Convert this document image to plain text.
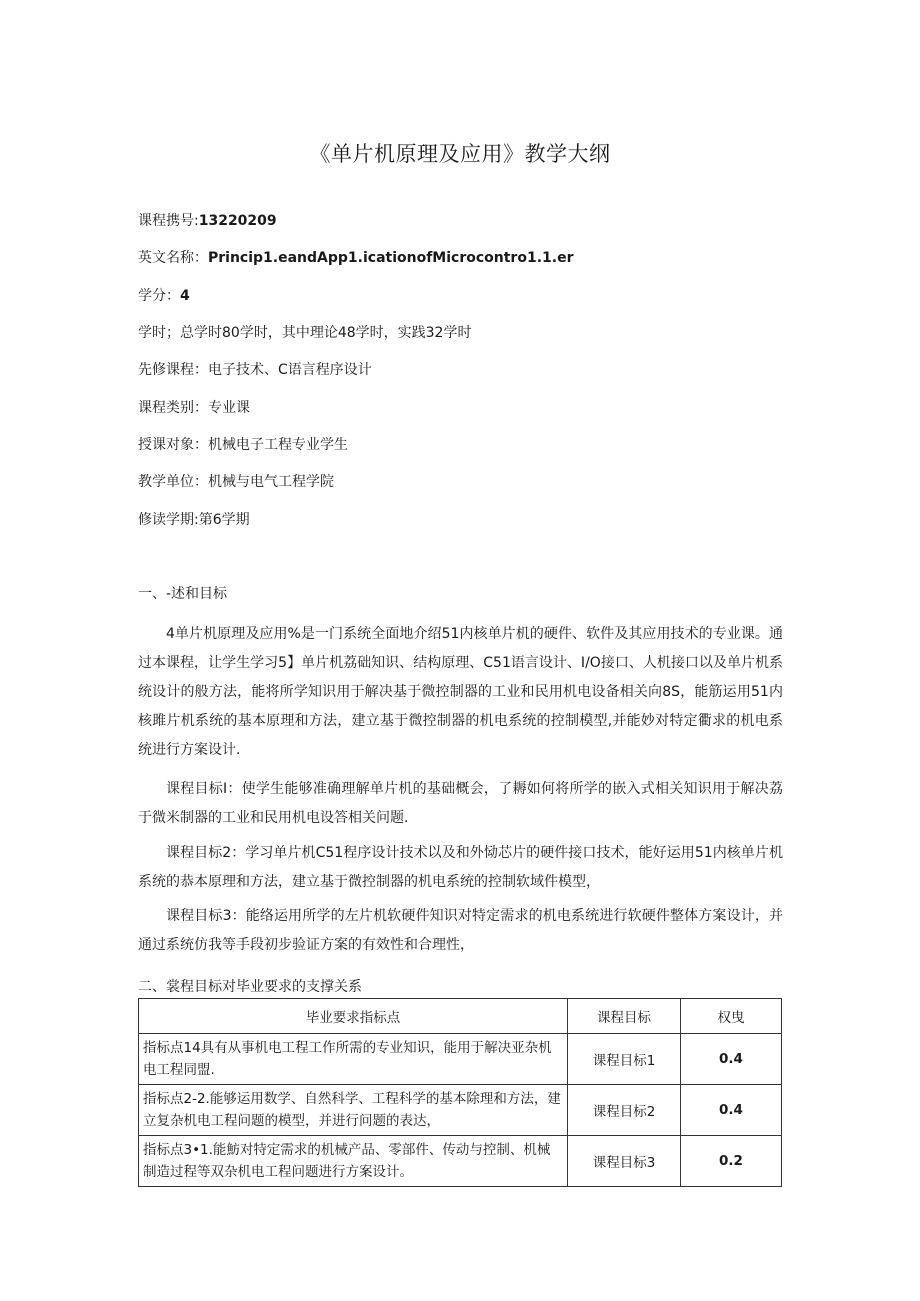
《单片机原理及应用》教学大纲
课程携号:13220209
英文名称：Princip1.eandApp1.icationofMicrocontro1.1.er
学分：4
学时；总学时80学时，其中理论48学时，实践32学时
先修课程：电子技术、C语言程序设计
课程类别：专业课
授课对象：机械电子工程专业学生
教学单位：机械与电气工程学院
修读学期:第6学期
一、-述和目标

4单片机原理及应用%是一门系统全面地介绍51内核单片机的硬件、软件及其应用技术的专业课。通过本课程，让学生学习5】单片机荔础知识、结构原理、C51语言设计、I/O接口、人机接口以及单片机系统设计的般方法，能将所学知识用于解决基于微控制器的工业和民用机电设备相关向8S，能筋运用51内核雎片机系统的基本原理和方法，建立基于微控制器的机电系统的控制模型,并能妙对特定衢求的机电系统进行方案设计.

课程目标I：使学生能够准确理解单片机的基础概会，了耨如何将所学的嵌入式相关知识用于解决荔于微米制器的工业和民用机电设答相关问题.

课程目标2：学习单片机C51程序设计技术以及和外恸芯片的硬件接口技术，能好运用51内核单片机系统的恭本原理和方法，建立基于微控制器的机电系统的控制软域件模型，

课程目标3：能络运用所学的左片机软硬件知识对特定需求的机电系统进行软硬件整体方案设计，并通过系统仿我等手段初步验证方案的有效性和合理性，

二、裳程目标对毕业要求的支撑关系
毕业要求指标点	课程目标	权曳
指标点14具有从事机电工程工作所需的专业知识，能用于解决亚杂机电工程同盟.	课程目标1	0.4
指标点2-2.能够运用数学、自然科学、工程科学的基本除理和方法，建立复杂机电工程问题的模型，并进行问题的表达，	课程目标2	0.4
指标点3•1.能魴对特定需求的机械产品、零部件、传动与控制、机械制造过程等双杂机电工程问题进行方案设计。	课程目标3	0.2
